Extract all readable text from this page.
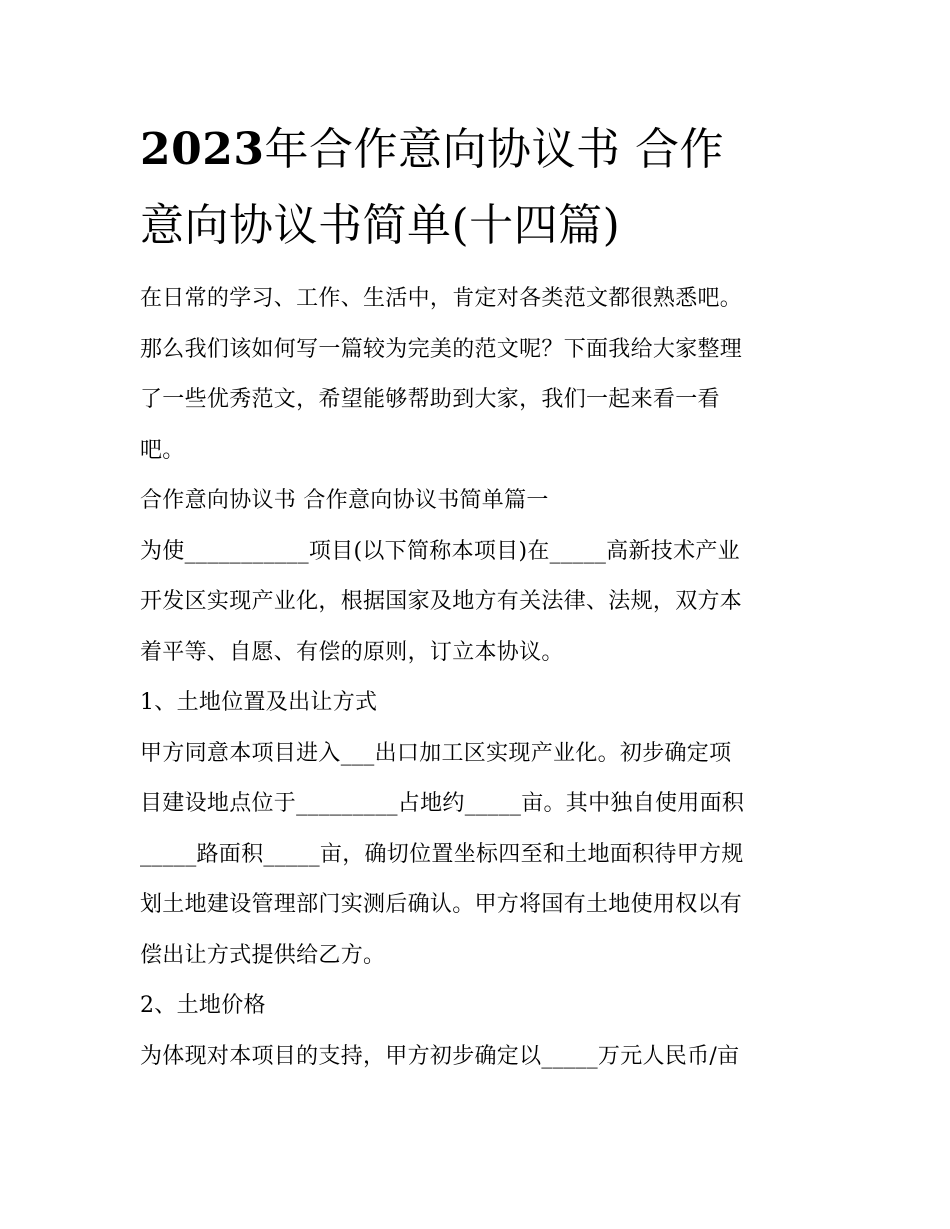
2023年合作意向协议书 合作
意向协议书简单(十四篇)

在日常的学习、工作、生活中，肯定对各类范文都很熟悉吧。

那么我们该如何写一篇较为完美的范文呢？下面我给大家整理

了一些优秀范文，希望能够帮助到大家，我们一起来看一看

吧。

合作意向协议书 合作意向协议书简单篇一

为使___________项目(以下简称本项目)在_____高新技术产业

开发区实现产业化，根据国家及地方有关法律、法规，双方本

着平等、自愿、有偿的原则，订立本协议。

1、土地位置及出让方式

甲方同意本项目进入___出口加工区实现产业化。初步确定项

目建设地点位于_________占地约_____亩。其中独自使用面积

_____路面积_____亩，确切位置坐标四至和土地面积待甲方规

划土地建设管理部门实测后确认。甲方将国有土地使用权以有

偿出让方式提供给乙方。

2、土地价格

为体现对本项目的支持，甲方初步确定以_____万元人民币/亩
